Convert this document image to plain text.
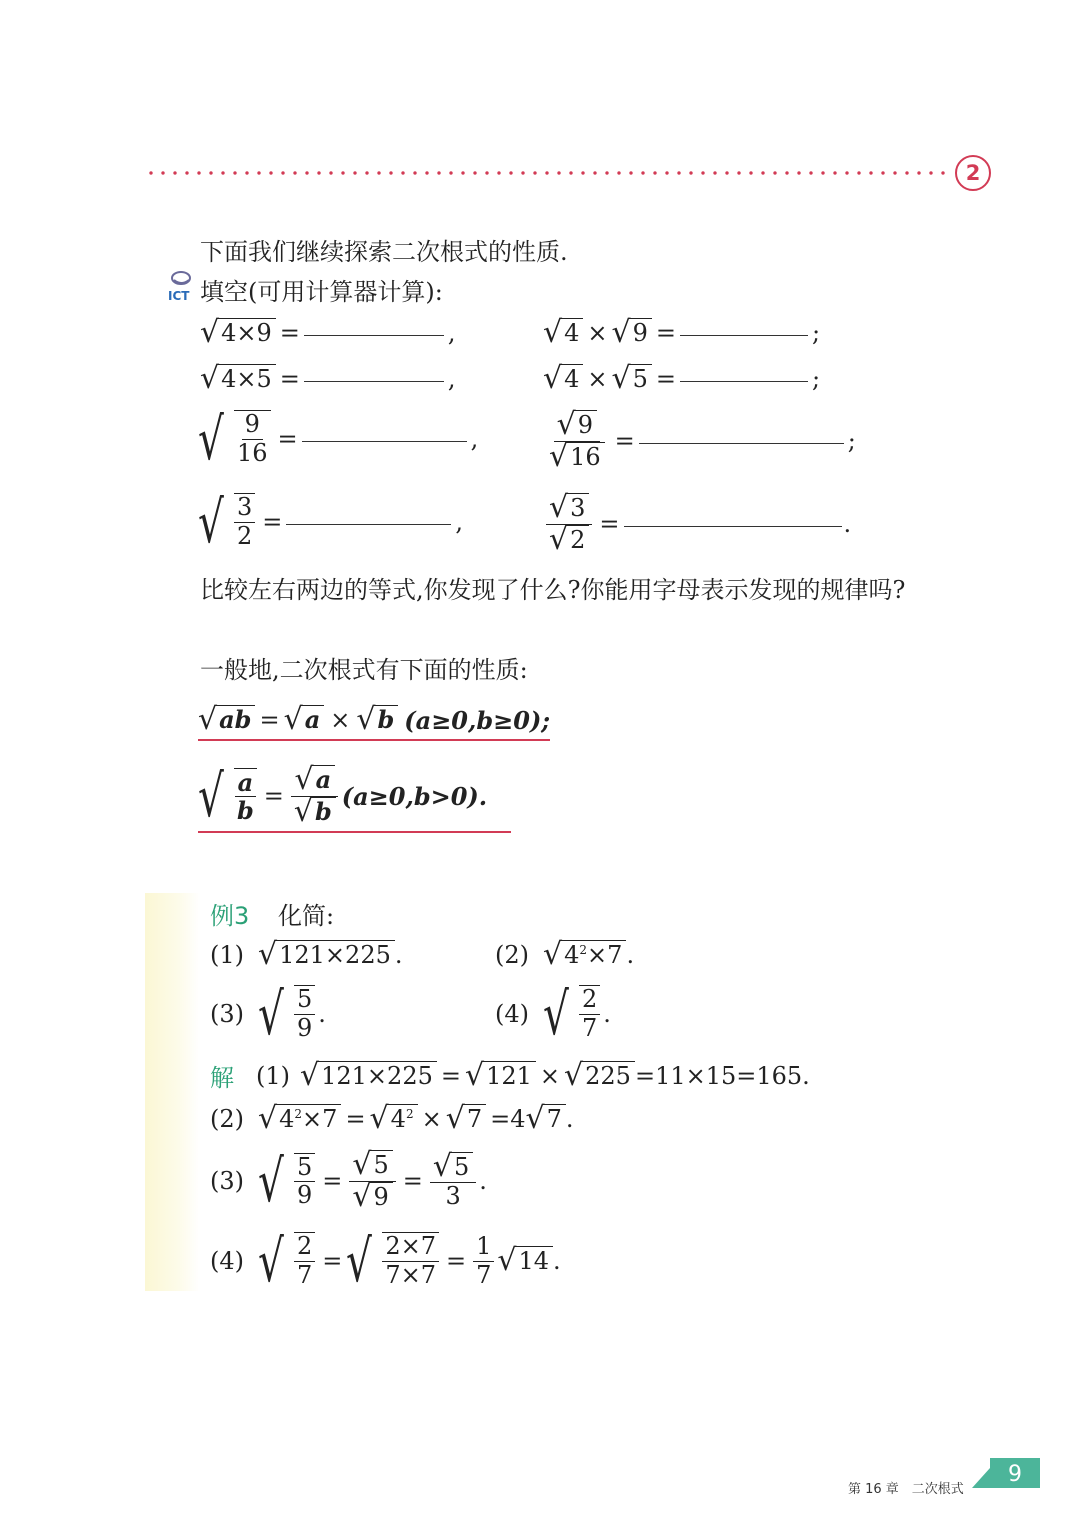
2
下面我们继续探索二次根式的性质.
ICT 填空(可用计算器计算):
√ 4×9 =	,	√ 4 × √ 9 =	;
√ 4×5 =	,	√ 4 × √ 5 =	;
√ $\frac{9}{16}$ =	, $\frac{√ 9}{√ 16}$ =	;
√ $\frac{3}{2}$ =	,	$\frac{√ 3}{√ 2}$ =	.
比较左右两边的等式,你发现了什么?你能用字母表示发现的规律吗?
一般地,二次根式有下面的性质:
√ ab = √ a × √ b (a≥0,b≥0);
√ $\frac{a}{b} = \frac{√ a}{√ b} (a\ge 0,b>0)$.
例3 化简:
(1) √ 121×225 .	(2) √ $4^2\times 7$ .
(3) √ $\frac{5}{9}$ .	(4) √ $\frac{2}{7}$ .
解 (1) √ 121×225 = √ 121 × √ 225 =11×15=165.
(2) √ $4^2\times 7$ = √ $4^2$ × √ 7 =4 √ 7 .
(3) √ $\frac{5}{9} = \frac{√ 5}{√ 9} = \frac{√ 5}{3}$ .
(4) √ $\frac{2}{7}$ = √ $\frac{2\times 7}{7\times 7} = \frac{1}{7}$ √ 14 .
第 16 章　二次根式
9
